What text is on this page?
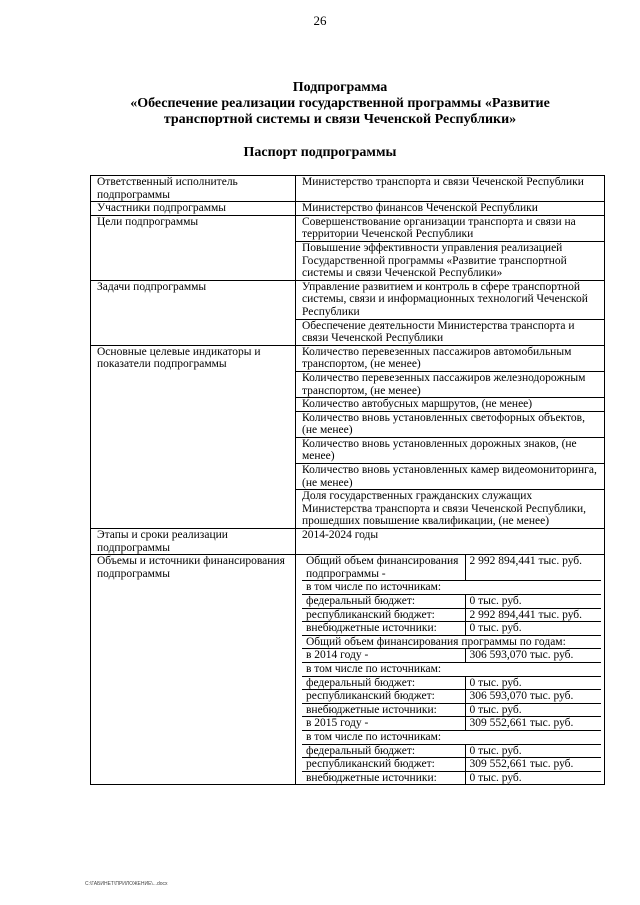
26
Подпрограмма
«Обеспечение реализации государственной программы «Развитие
транспортной системы и связи Чеченской Республики»
Паспорт подпрограммы
Ответственный исполнитель подпрограммы	Министерство транспорта и связи Чеченской Республики
Участники подпрограммы	Министерство финансов Чеченской Республики
Цели подпрограммы	Совершенствование организации транспорта и связи на территории Чеченской Республики
Повышение эффективности управления реализацией Государственной программы «Развитие транспортной системы и связи Чеченской Республики»
Задачи подпрограммы	Управление развитием и контроль в сфере транспортной системы, связи и информационных технологий Чеченской Республики
Обеспечение деятельности Министерства транспорта и связи Чеченской Республики
Основные целевые индикаторы и показатели подпрограммы	Количество перевезенных пассажиров автомобильным транспортом, (не менее)
Количество перевезенных пассажиров железнодорожным транспортом, (не менее)
Количество автобусных маршрутов, (не менее)
Количество вновь установленных светофорных объектов, (не менее)
Количество вновь установленных дорожных знаков, (не менее)
Количество вновь установленных камер видеомониторинга, (не менее)
Доля государственных гражданских служащих Министерства транспорта и связи Чеченской Республики, прошедших повышение квалификации, (не менее)
Этапы и сроки реализации подпрограммы	2014-2024 годы
Объемы и источники финансирования подпрограммы	
Общий объем финансирования подпрограммы -	2 992 894,441 тыс. руб.
в том числе по источникам:
федеральный бюджет:	0 тыс. руб.
республиканский бюджет:	2 992 894,441 тыс. руб.
внебюджетные источники:	0 тыс. руб.
Общий объем финансирования программы по годам:
в 2014 году -	306 593,070 тыс. руб.
в том числе по источникам:
федеральный бюджет:	0 тыс. руб.
республиканский бюджет:	306 593,070 тыс. руб.
внебюджетные источники:	0 тыс. руб.
в 2015 году -	309 552,661 тыс. руб.
в том числе по источникам:
федеральный бюджет:	0 тыс. руб.
республиканский бюджет:	309 552,661 тыс. руб.
внебюджетные источники:	0 тыс. руб.
С:\ГАБИНЕТ\ПРИЛОЖЕНИЕ\...docx
